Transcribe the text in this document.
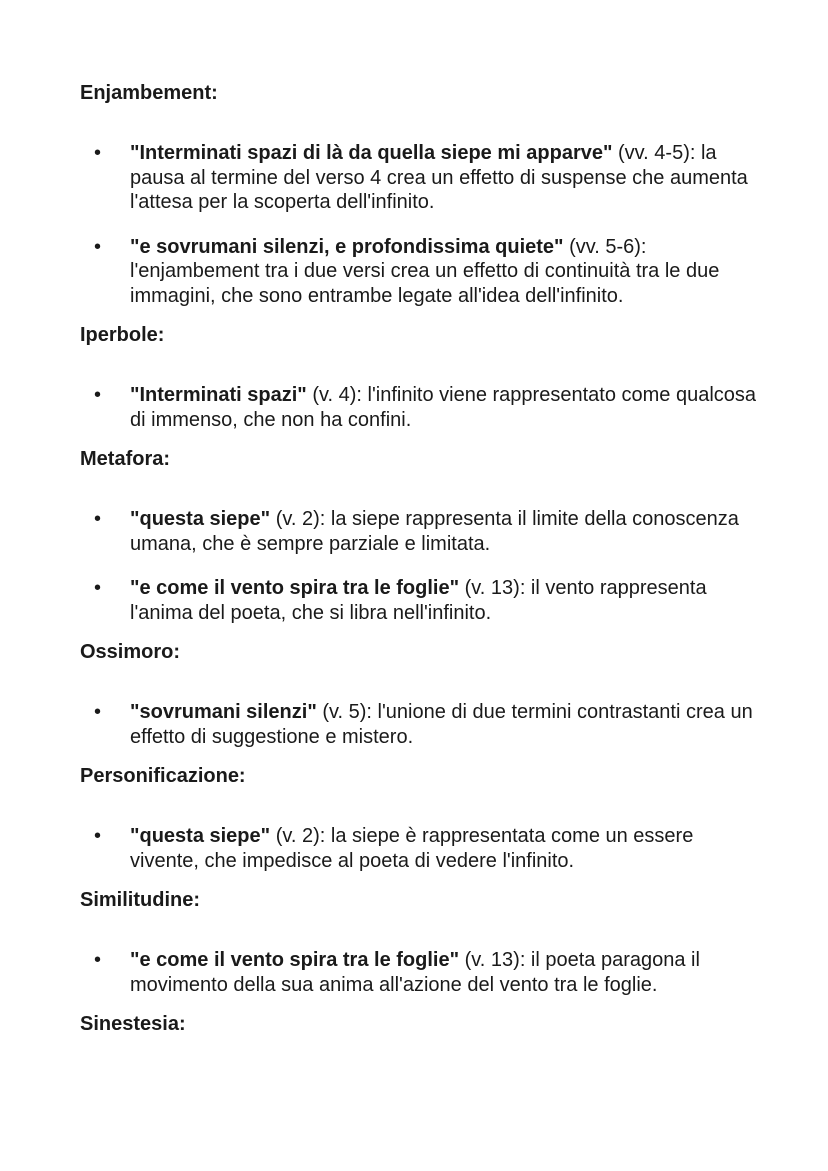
Enjambement:
• "Interminati spazi di là da quella siepe mi apparve" (vv. 4-5): la pausa al termine del verso 4 crea un effetto di suspense che aumenta l'attesa per la scoperta dell'infinito.
• "e sovrumani silenzi, e profondissima quiete" (vv. 5-6): l'enjambement tra i due versi crea un effetto di continuità tra le due immagini, che sono entrambe legate all'idea dell'infinito.
Iperbole:
• "Interminati spazi" (v. 4): l'infinito viene rappresentato come qualcosa di immenso, che non ha confini.
Metafora:
• "questa siepe" (v. 2): la siepe rappresenta il limite della conoscenza umana, che è sempre parziale e limitata.
• "e come il vento spira tra le foglie" (v. 13): il vento rappresenta l'anima del poeta, che si libra nell'infinito.
Ossimoro:
• "sovrumani silenzi" (v. 5): l'unione di due termini contrastanti crea un effetto di suggestione e mistero.
Personificazione:
• "questa siepe" (v. 2): la siepe è rappresentata come un essere vivente, che impedisce al poeta di vedere l'infinito.
Similitudine:
• "e come il vento spira tra le foglie" (v. 13): il poeta paragona il movimento della sua anima all'azione del vento tra le foglie.
Sinestesia:
